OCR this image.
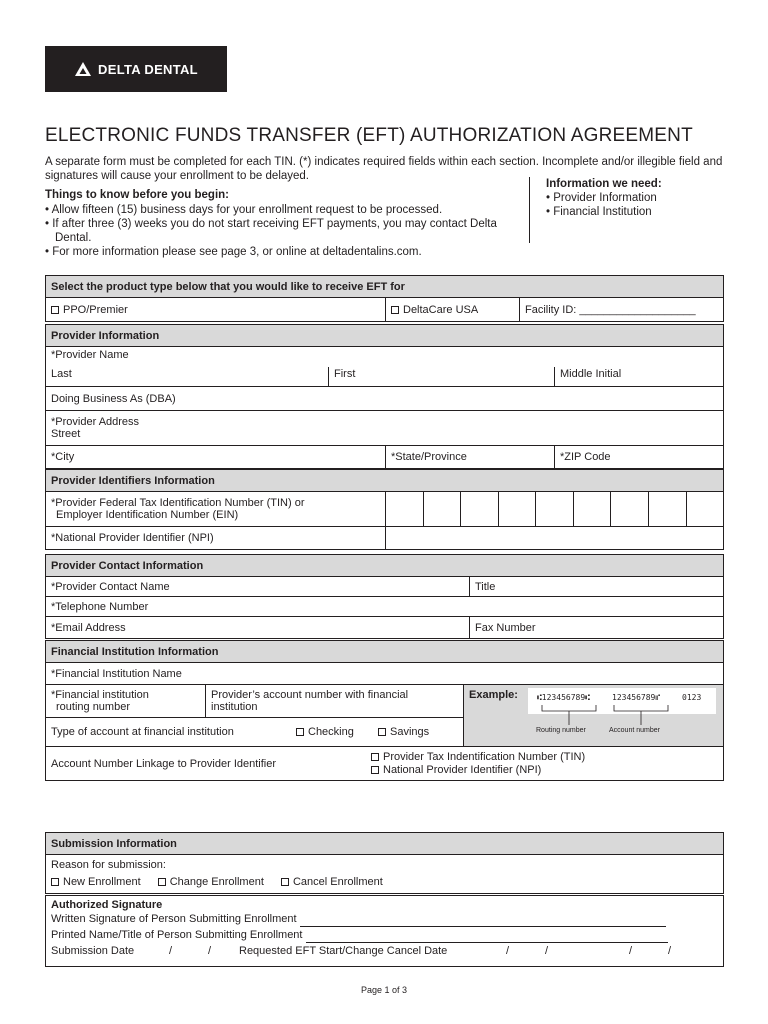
DELTA DENTAL
ELECTRONIC FUNDS TRANSFER (EFT) AUTHORIZATION AGREEMENT
A separate form must be completed for each TIN. (*) indicates required fields within each section. Incomplete and/or illegible field and signatures will cause your enrollment to be delayed.
Things to know before you begin:
• Allow fifteen (15) business days for your enrollment request to be processed.
• If after three (3) weeks you do not start receiving EFT payments, you may contact Delta Dental.
• For more information please see page 3, or online at deltadentalins.com.
Information we need:
• Provider Information
• Financial Institution
Select the product type below that you would like to receive EFT for
PPO/Premier	DeltaCare USA	Facility ID: ___________________
Provider Information
*Provider Name
Last	First	Middle Initial
Doing Business As (DBA)
*Provider Address
Street
*City	*State/Province	*ZIP Code
Provider Identifiers Information
*Provider Federal Tax Identification Number (TIN) or
Employer Identification Number (EIN)
*National Provider Identifier (NPI)
Provider Contact Information
*Provider Contact Name	Title
*Telephone Number
*Email Address	Fax Number
Financial Institution Information
*Financial Institution Name
*Financial institution
routing number
Provider’s account number with financial
institution
Type of account at financial institution	Checking	Savings
Example: ⑆123456789⑆	123456789⑈	0123
Routing number	Account number
Account Number Linkage to Provider Identifier
Provider Tax Indentification Number (TIN)
National Provider Identifier (NPI)
Submission Information
Reason for submission:
New Enrollment	Change Enrollment	Cancel Enrollment
Authorized Signature
Written Signature of Person Submitting Enrollment
Printed Name/Title of Person Submitting Enrollment
Submission Date	/	/	Requested EFT Start/Change Cancel Date	/	/	/	/
Page 1 of 3
